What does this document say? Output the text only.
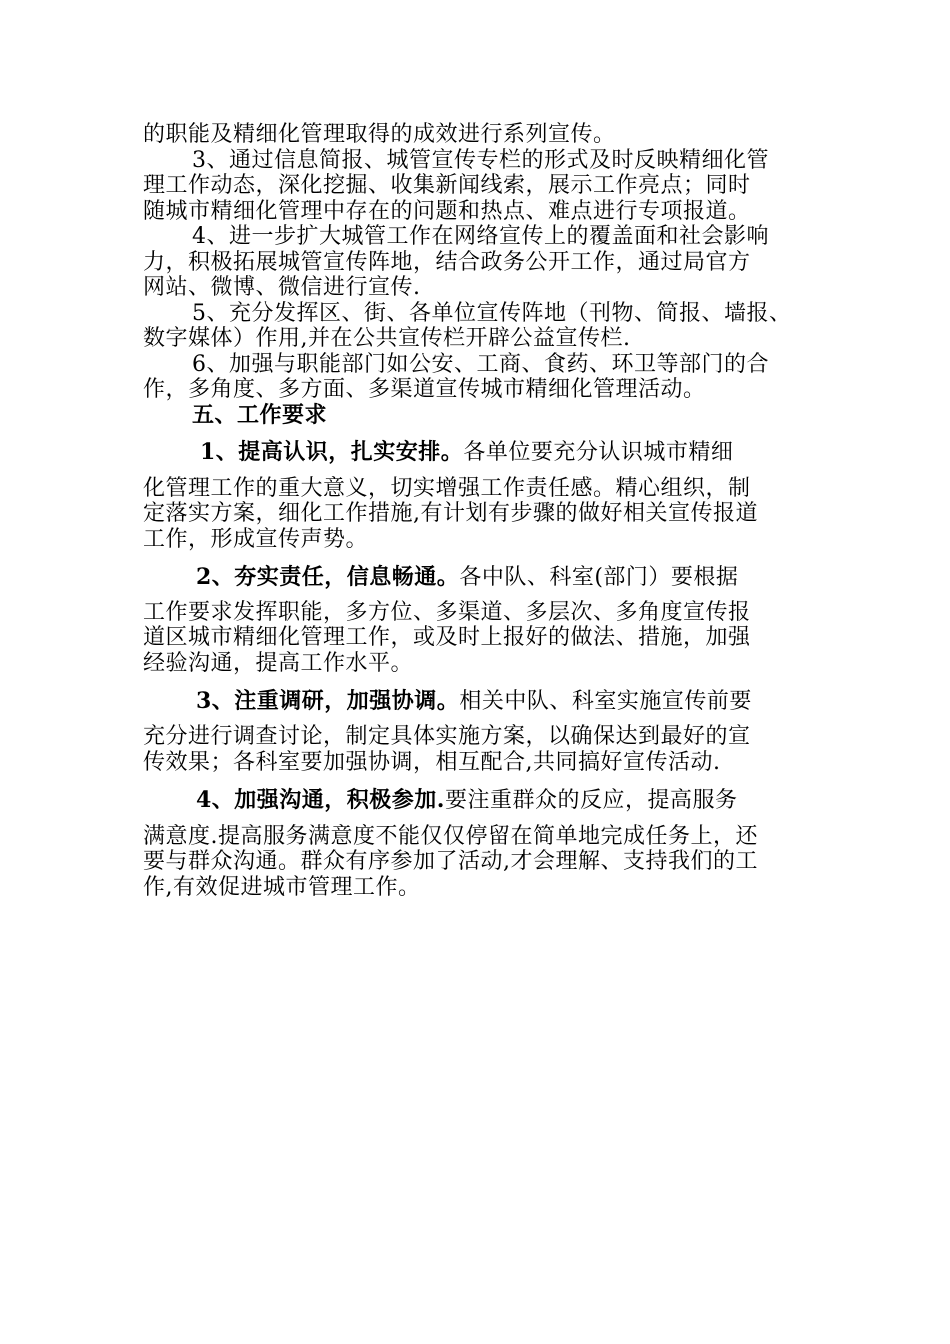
的职能及精细化管理取得的成效进行系列宣传。
3、通过信息简报、城管宣传专栏的形式及时反映精细化管
理工作动态，深化挖掘、收集新闻线索，展示工作亮点；同时
随城市精细化管理中存在的问题和热点、难点进行专项报道。
4、进一步扩大城管工作在网络宣传上的覆盖面和社会影响
力，积极拓展城管宣传阵地，结合政务公开工作，通过局官方
网站、微博、微信进行宣传.
5、充分发挥区、街、各单位宣传阵地（刊物、简报、墙报、
数字媒体）作用,并在公共宣传栏开辟公益宣传栏.
6、加强与职能部门如公安、工商、食药、环卫等部门的合
作，多角度、多方面、多渠道宣传城市精细化管理活动。
五、工作要求
1、提高认识，扎实安排。各单位要充分认识城市精细
化管理工作的重大意义，切实增强工作责任感。精心组织，制
定落实方案，细化工作措施,有计划有步骤的做好相关宣传报道
工作，形成宣传声势。
2、夯实责任，信息畅通。各中队、科室(部门）要根据
工作要求发挥职能，多方位、多渠道、多层次、多角度宣传报
道区城市精细化管理工作，或及时上报好的做法、措施，加强
经验沟通，提高工作水平。
3、注重调研，加强协调。相关中队、科室实施宣传前要
充分进行调查讨论，制定具体实施方案，以确保达到最好的宣
传效果；各科室要加强协调，相互配合,共同搞好宣传活动.
4、加强沟通，积极参加.要注重群众的反应，提高服务
满意度.提高服务满意度不能仅仅停留在简单地完成任务上，还
要与群众沟通。群众有序参加了活动,才会理解、支持我们的工
作,有效促进城市管理工作。
